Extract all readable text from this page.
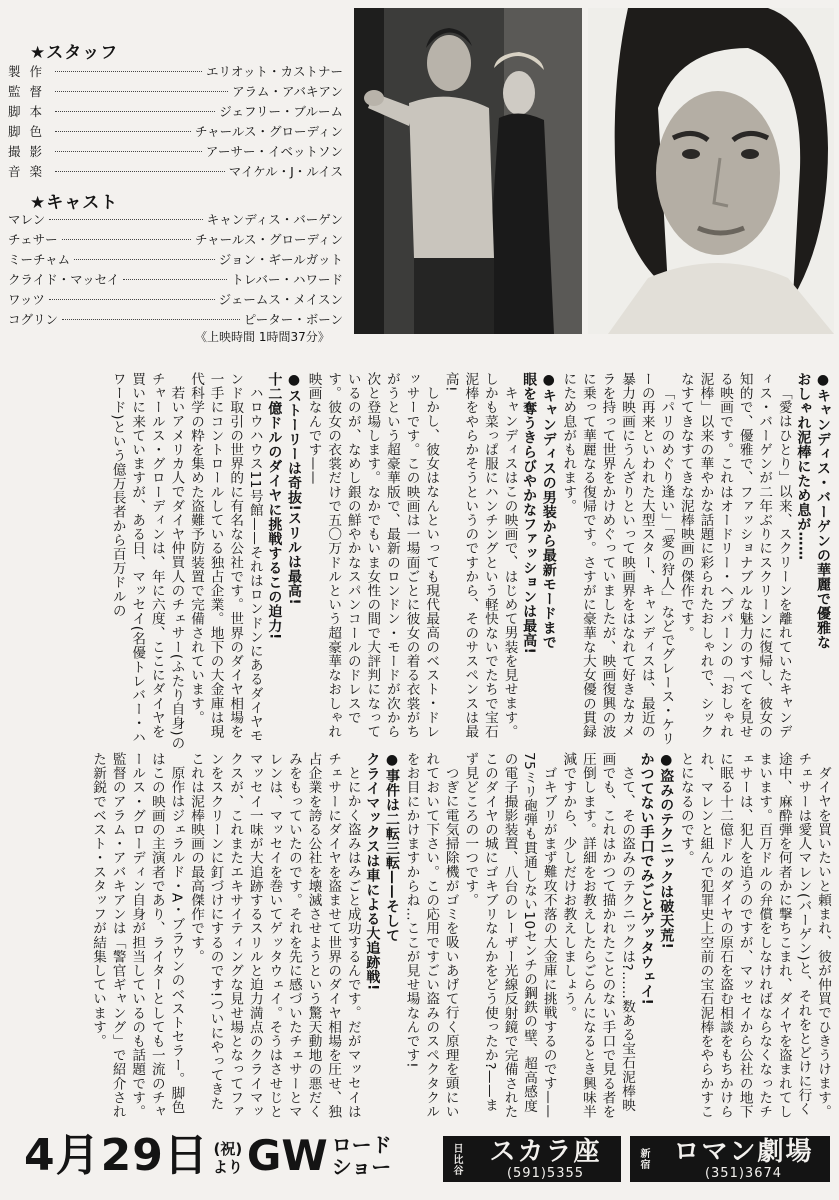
★スタッフ
製作	エリオット・カストナー
監督	アラム・アバキアン
脚本	ジェフリー・ブルーム
脚色	チャールス・グローディン
撮影	アーサー・イベットソン
音楽	マイケル・J・ルイス
★キャスト
マレン	キャンディス・バーゲン
チェサー	チャールス・グローディン
ミーチャム	ジョン・ギールガット
クライド・マッセイ	トレバー・ハワード
ワッツ	ジェームス・メイスン
コグリン	ピーター・ボーン
《上映時間 1時間37分》
●キャンディス・バーゲンの華麗で優雅な
おしゃれ泥棒にため息が……

「愛はひとり」以来、スクリーンを離れていたキャンディス・バーゲンが二年ぶりにスクリーンに復帰し、彼女の知的で、優雅で、ファッショナブルな魅力のすべてを見せる映画です。これはオードリー・ヘプバーンの「おしゃれ泥棒」以来の華やかな話題に彩られたおしゃれで、シックなすてきなすてきな泥棒映画の傑作です。

「パリのめぐり逢い」「愛の狩人」などでグレース・ケリーの再来といわれた大型スター、キャンディスは、最近の暴力映画にうんざりといって映画界をはなれて好きなカメラを持って世界をかけめぐっていましたが、映画復興の波に乗って華麗なる復帰です。さすがに豪華な大女優の貫録にため息がもれます。

●キャンディスの男装から最新モードまで
眼を奪うきらびやかなファッションは最高!

キャンディスはこの映画で、はじめて男装を見せます。しかも菜っぱ服にハンチングという軽快ないでたちで宝石泥棒をやらかそうというのですから、そのサスペンスは最高!

しかし、彼女はなんといっても現代最高のベスト・ドレッサーです。この映画は一場面ごとに彼女の着る衣裳がちがうという超豪華版で、最新のロンドン・モードが次から次と登場します。なかでもいま女性の間で大評判になっているのが、なめし銀の鮮やかなスパンコールのドレスです。彼女の衣裳だけで五〇万ドルという超豪華なおしゃれ映画なんです——

●ストーリーは奇抜!スリルは最高!
十二億ドルのダイヤに挑戦するこの迫力!

ハロウハウス11号館——それはロンドンにあるダイヤモンド取引の世界的に有名な公社です。世界のダイヤ相場を一手にコントロールしている独占企業。地下の大金庫は現代科学の粋を集めた盗難予防装置で完備されています。

若いアメリカ人でダイヤ仲買人のチェサー(ふたり自身)のチャールス・グローディンは、年に六度、ここにダイヤを買いに来ていますが、ある日、マッセイ(名優トレバー・ハワード)という億万長者から百万ドルの

ダイヤを買いたいと頼まれ、彼が仲買でひきうけます。チェサーは愛人マレン(バーゲン)と、それをとどけに行く途中、麻酔弾を何者かに撃ちこまれ、ダイヤを盗まれてしまいます。百万ドルの弁償をしなければならなくなったチェサーは、犯人を追うのですが、マッセイから公社の地下に眠る十二億ドルのダイヤの原石を盗む相談をもちかけられ、マレンと組んで犯罪史上空前の宝石泥棒をやらかすことになるのです。

●盗みのテクニックは破天荒!
かつてない手口でみごとゲッタウェイ!

さて、その盗みのテクニックは?……数ある宝石泥棒映画でも、これはかつて描かれたことのない手口で見る者を圧倒します。詳細をお教えしたらごらんになるとき興味半減ですから、少しだけお教えしましょう。

ゴキブリがまず難攻不落の大金庫に挑戦するのです——75ミリ砲弾も貫通しない10センチの鋼鉄の壁、超高感度の電子撮影装置、八台のレーザー光線反射鏡で完備されたこのダイヤの城にゴキブリなんかをどう使ったか?——まず見どころの一つです。

つぎに電気掃除機がゴミを吸いあげて行く原理を頭にいれておいて下さい。この応用ですごい盗みのスペクタクルをお目にかけますからね…ここが見せ場なんです!

●事件は二転三転——そして
クライマックスは車による大追跡戦!

とにかく盗みはみごと成功するんです。だがマッセイはチェサーにダイヤを盗ませて世界のダイヤ相場を圧せ、独占企業を誇る公社を壊滅させようという驚天動地の悪だくみをもっていたのです。それを先に感づいたチェサーとマレンは、マッセイを巻いてゲッタウェイ。そうはさせじとマッセイ一味が大追跡するスリルと迫力満点のクライマックスが、これまたエキサイティングな見せ場となってファンをスクリーンに釘づけにするのです!ついにやってきたこれは泥棒映画の最高傑作です。

原作はジェラルド・A・ブラウンのベストセラー。脚色はこの映画の主演者であり、ライターとしても一流のチャールス・グローディン自身が担当しているのも話題です。監督のアラム・アバキアンは「警官ギャング」で紹介された新鋭でベスト・スタッフが結集しています。

4月29日 (祝)
より GW ロード
ショー	日比谷 スカラ座
(591)5355
新宿 ロマン劇場
(351)3674
